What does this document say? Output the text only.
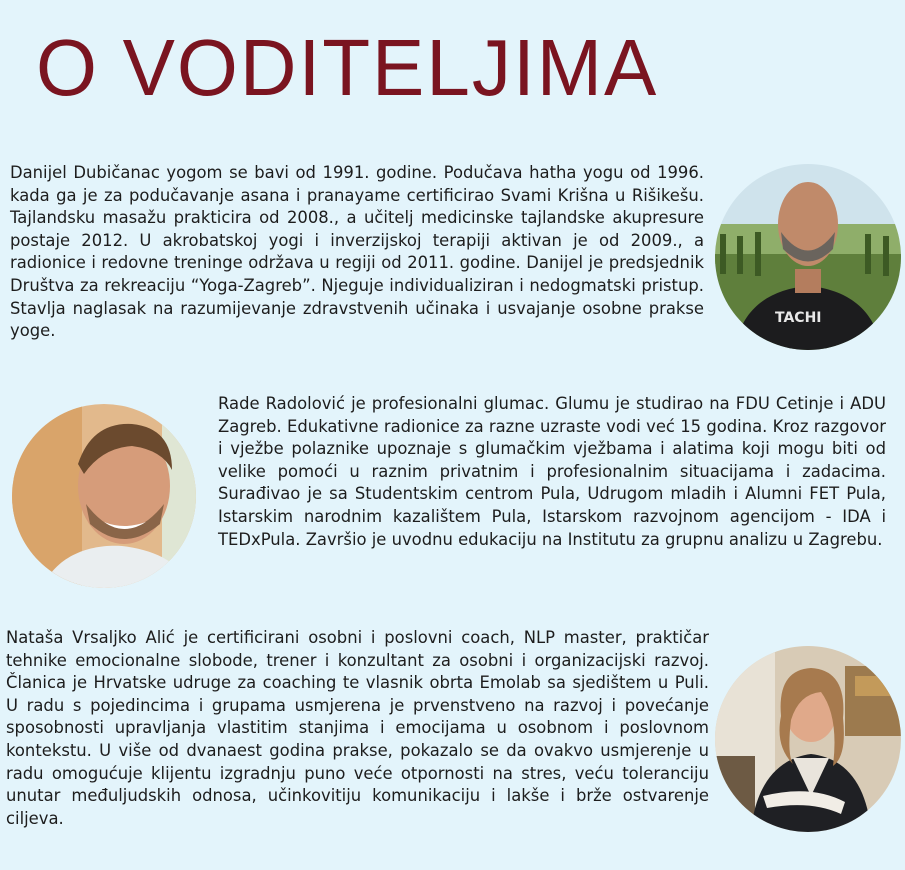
O VODITELJIMA

Danijel Dubičanac yogom se bavi od 1991. godine. Podučava hatha yogu od 1996. kada ga je za podučavanje asana i pranayame certificirao Svami Krišna u Rišikešu. Tajlandsku masažu prakticira od 2008., a učitelj medicinske tajlandske akupresure postaje 2012. U akrobatskoj yogi i inverzijskoj terapiji aktivan je od 2009., a radionice i redovne treninge održava u regiji od 2011. godine. Danijel je predsjednik Društva za rekreaciju “Yoga-Zagreb”. Njeguje individualiziran i nedogmatski pristup. Stavlja naglasak na razumijevanje zdravstvenih učinaka i usvajanje osobne prakse yoge.

TACHI

Rade Radolović je profesionalni glumac. Glumu je studirao na FDU Cetinje i ADU Zagreb. Edukativne radionice za razne uzraste vodi već 15 godina. Kroz razgovor i vježbe polaznike upoznaje s glumačkim vježbama i alatima koji mogu biti od velike pomoći u raznim privatnim i profesionalnim situacijama i zadacima. Surađivao je sa Studentskim centrom Pula, Udrugom mladih i Alumni FET Pula, Istarskim narodnim kazalištem Pula, Istarskom razvojnom agencijom - IDA i TEDxPula. Završio je uvodnu edukaciju na Institutu za grupnu analizu u Zagrebu.

Nataša Vrsaljko Alić je certificirani osobni i poslovni coach, NLP master, praktičar tehnike emocionalne slobode, trener i konzultant za osobni i organizacijski razvoj. Članica je Hrvatske udruge za coaching te vlasnik obrta Emolab sa sjedištem u Puli. U radu s pojedincima i grupama usmjerena je prvenstveno na razvoj i povećanje sposobnosti upravljanja vlastitim stanjima i emocijama u osobnom i poslovnom kontekstu. U više od dvanaest godina prakse, pokazalo se da ovakvo usmjerenje u radu omogućuje klijentu izgradnju puno veće otpornosti na stres, veću toleranciju unutar međuljudskih odnosa, učinkovitiju komunikaciju i lakše i brže ostvarenje ciljeva.
